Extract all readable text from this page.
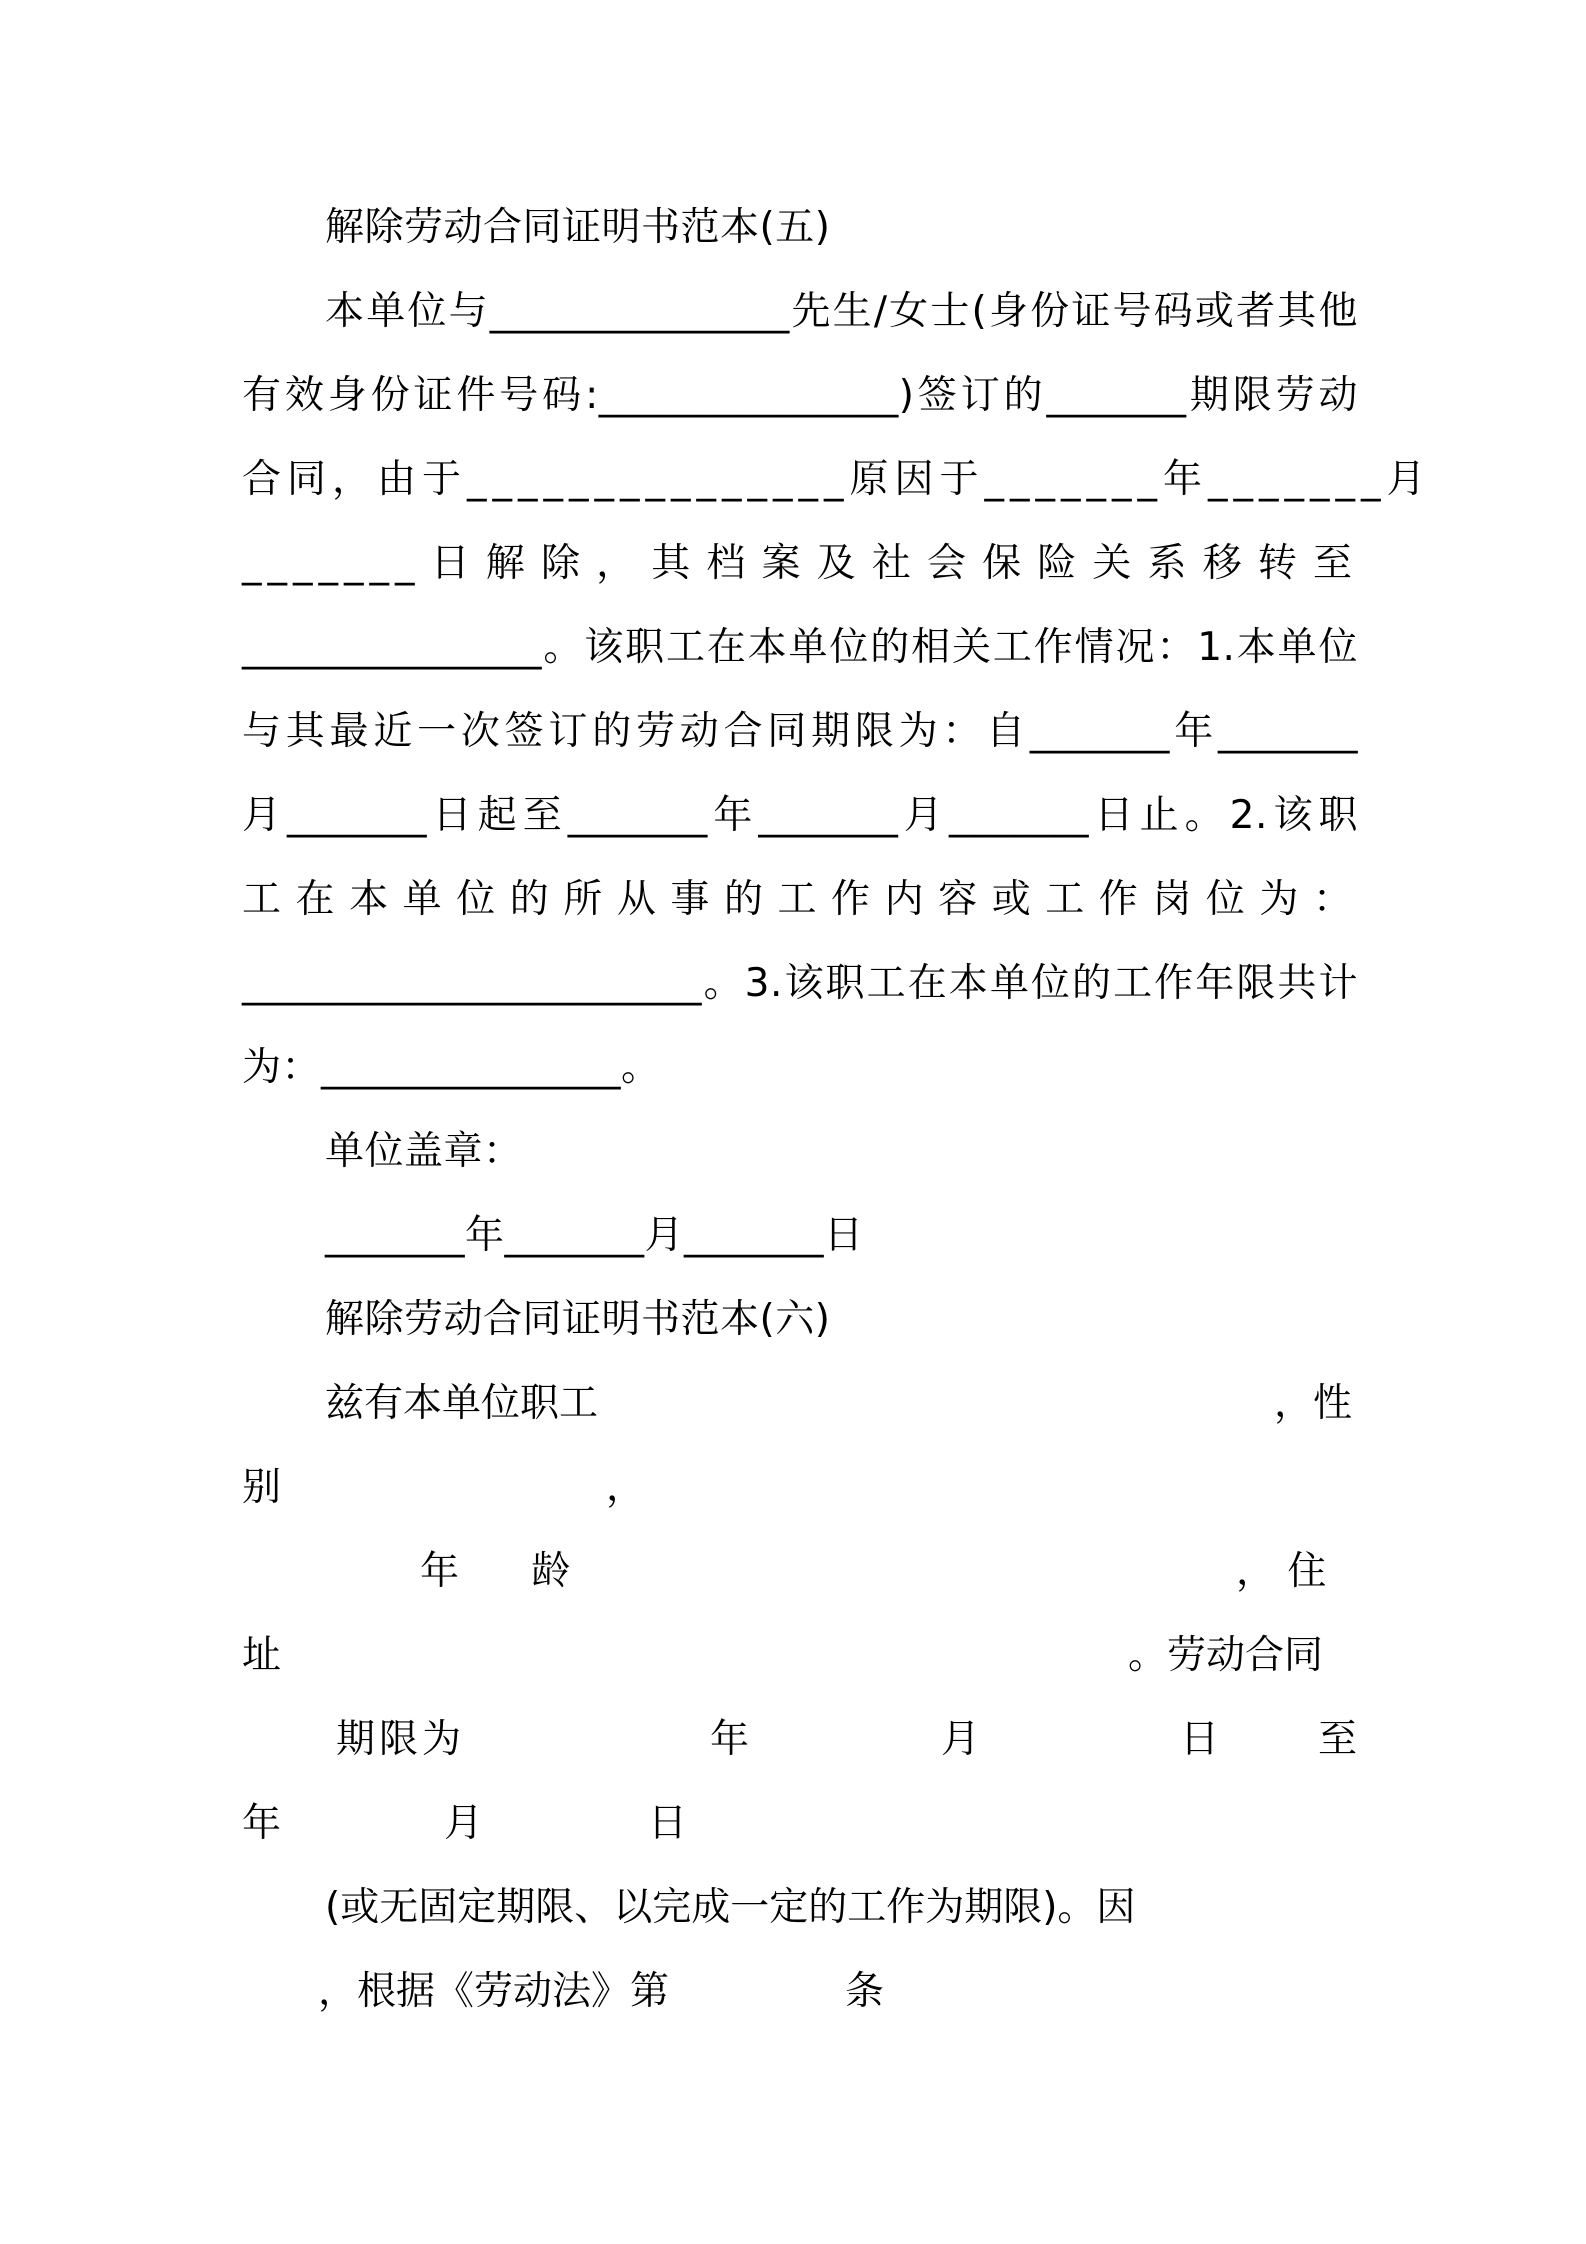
解除劳动合同证明书范本(五)
本单位与_______________先生/女士(身份证号码或者其他
有效身份证件号码:_______________)签订的_______期限劳动
合同，由于_______________原因于_______年_______月
_______日解除，其档案及社会保险关系移转至
_______________。该职工在本单位的相关工作情况：1.本单位
与其最近一次签订的劳动合同期限为：自_______年_______
月_______日起至_______年_______月_______日止。2.该职
工在本单位的所从事的工作内容或工作岗位为：
_______________________。3.该职工在本单位的工作年限共计
为：_______________。
单位盖章：
_______年_______月_______日
解除劳动合同证明书范本(六)
兹有本单位职工	，性
别	，
年 龄	， 住
址	。劳动合同
期限为	年	月	日	至
年	月	日
(或无固定期限、以完成一定的工作为期限)。因
，根据《劳动法》第	条
